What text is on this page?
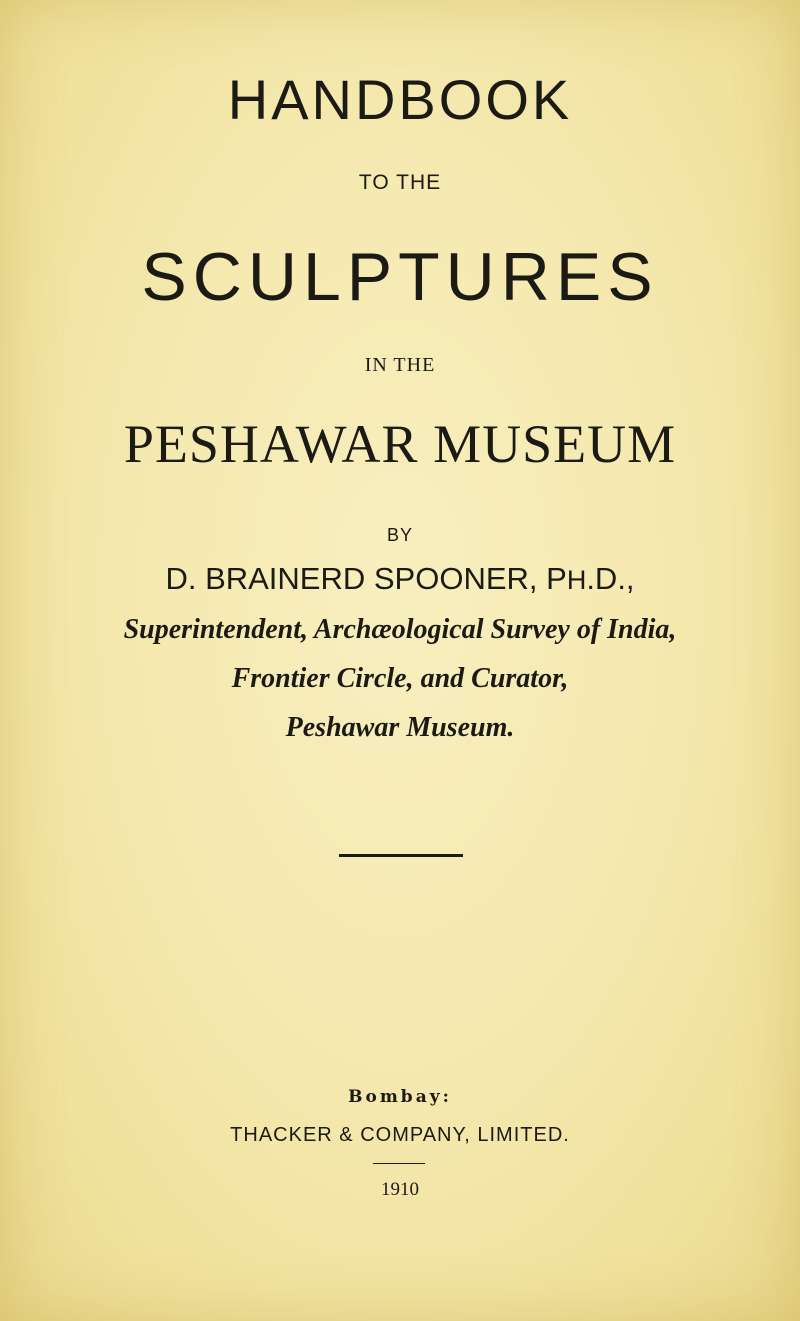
HANDBOOK
TO THE
SCULPTURES
IN THE
PESHAWAR MUSEUM
BY
D. BRAINERD SPOONER, PH.D.,
Superintendent, Archæological Survey of India,
Frontier Circle, and Curator,
Peshawar Museum.
Bombay:
THACKER & COMPANY, LIMITED.
1910
